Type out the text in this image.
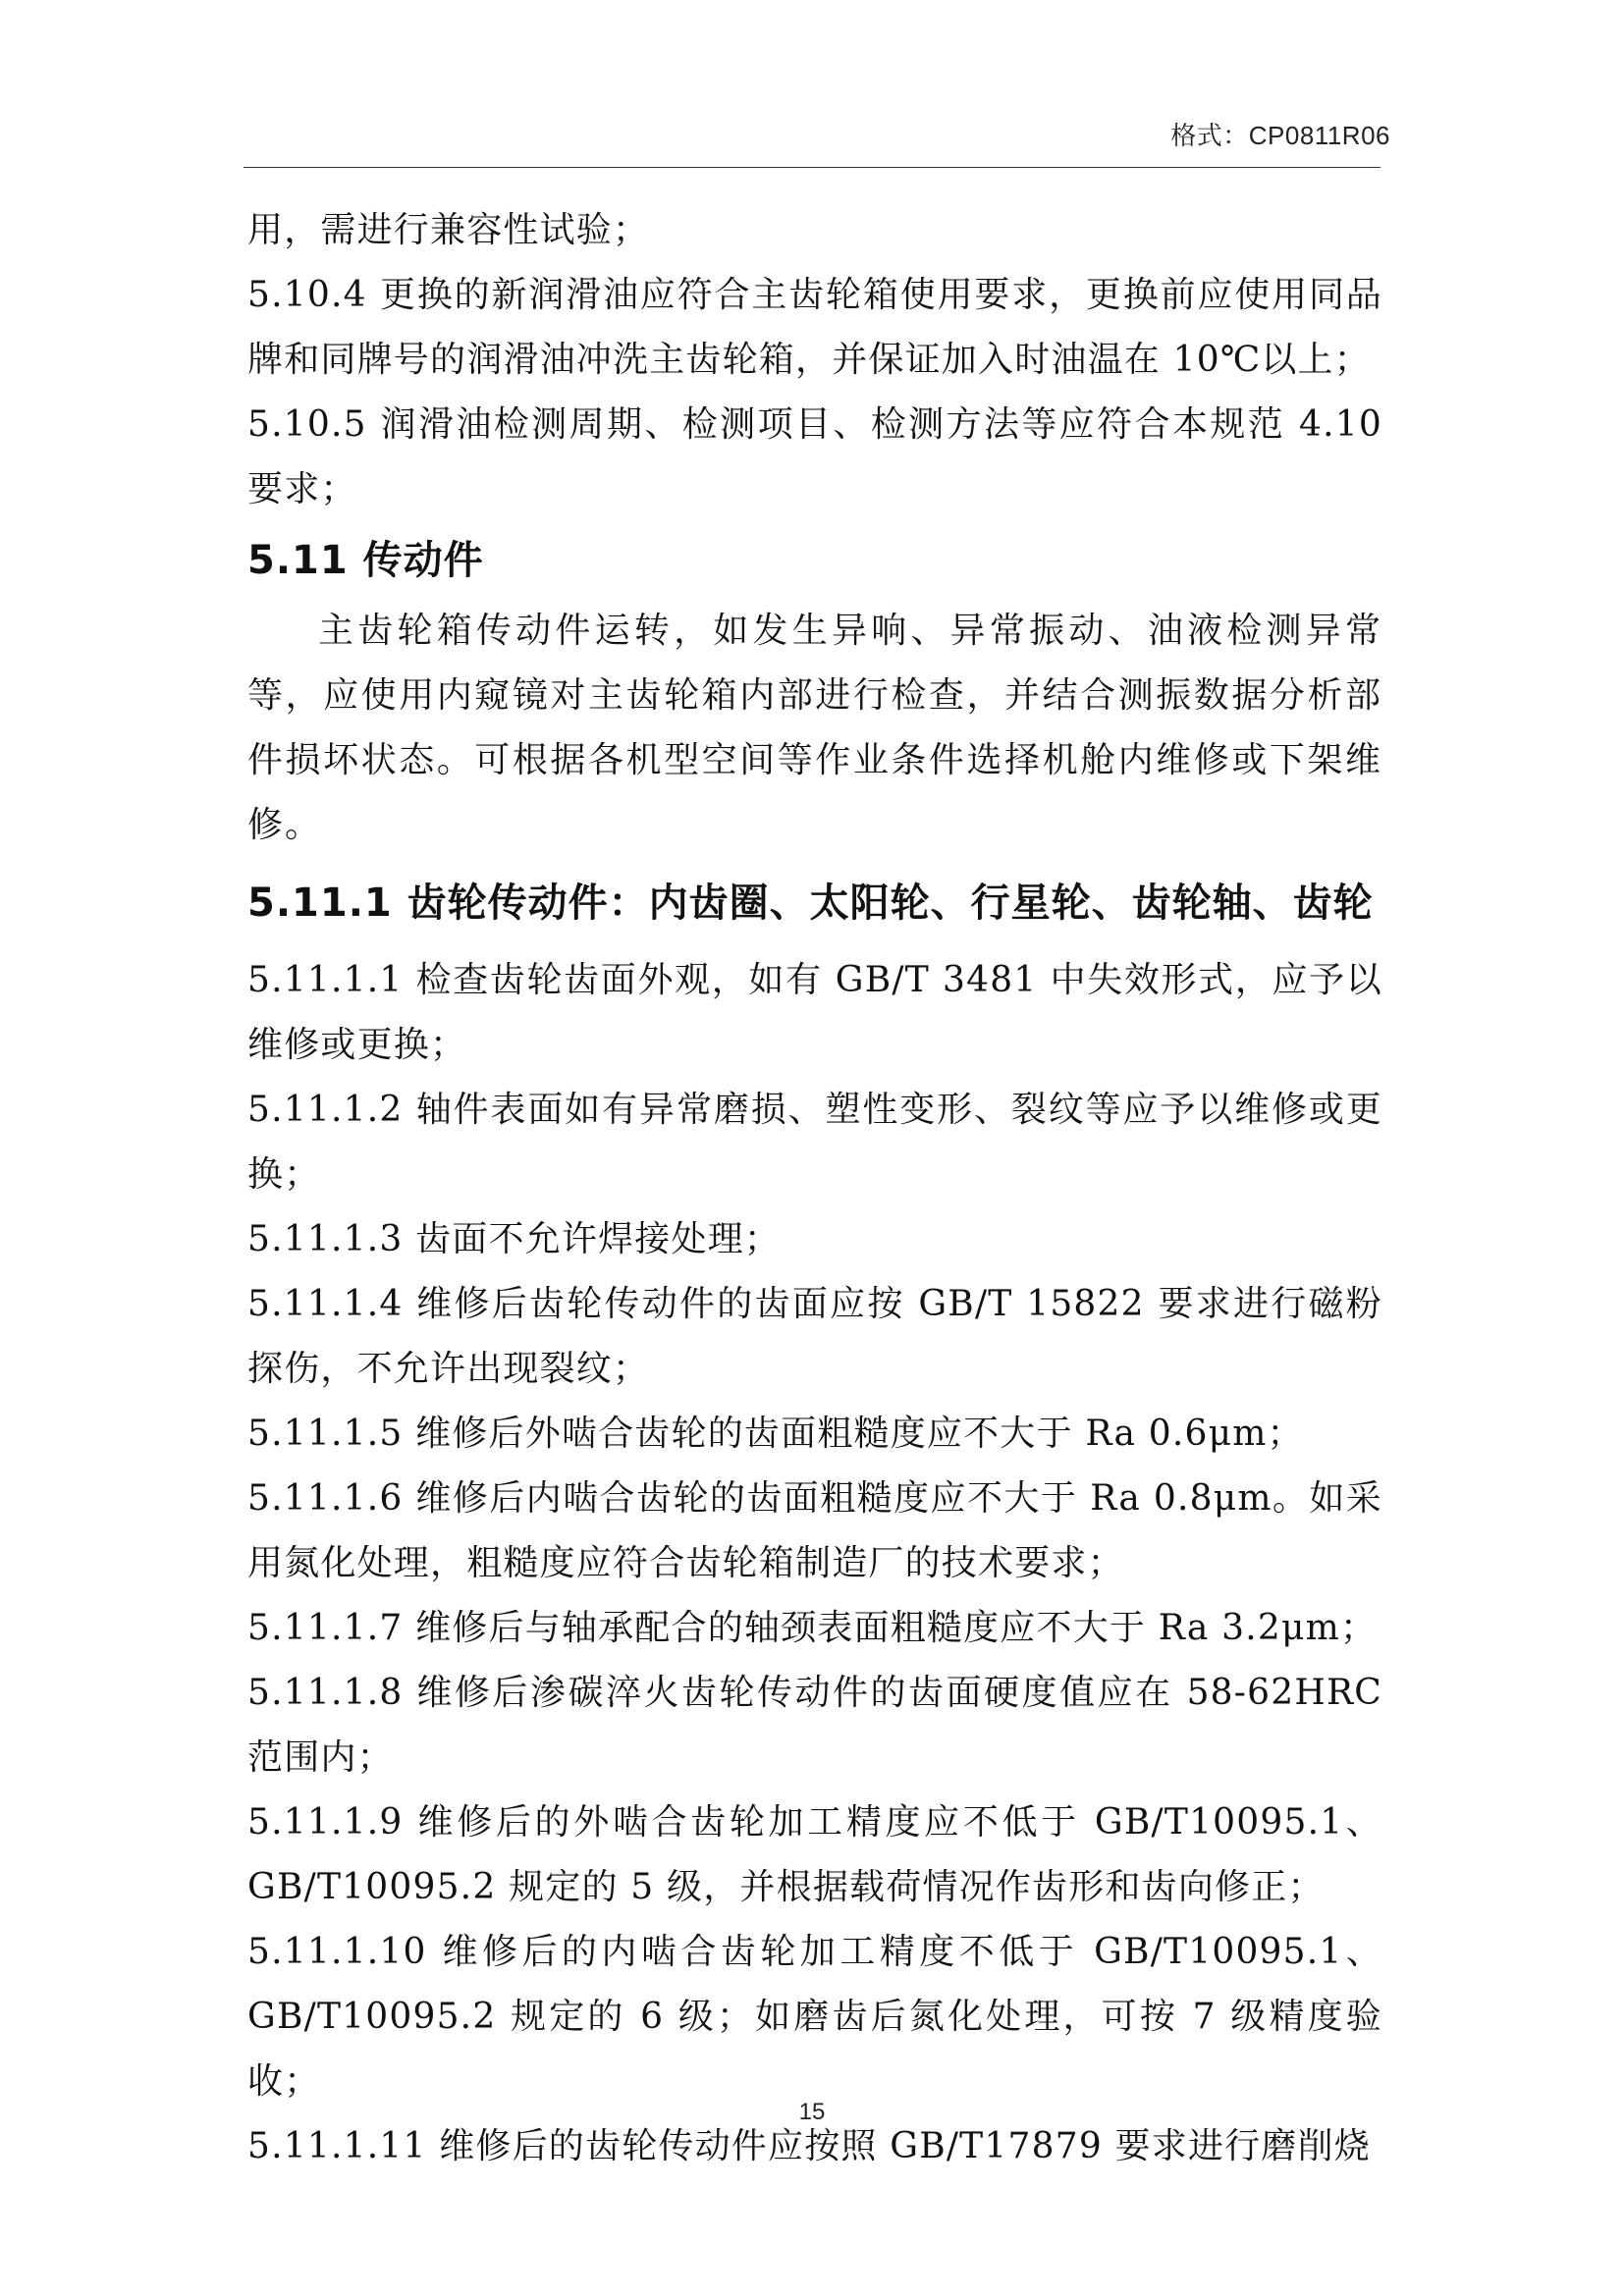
格式：CP0811R06

用，需进行兼容性试验；

5.10.4 更换的新润滑油应符合主齿轮箱使用要求，更换前应使用同品牌和同牌号的润滑油冲洗主齿轮箱，并保证加入时油温在 10℃以上；

5.10.5 润滑油检测周期、检测项目、检测方法等应符合本规范 4.10 要求；

5.11 传动件

主齿轮箱传动件运转，如发生异响、异常振动、油液检测异常等，应使用内窥镜对主齿轮箱内部进行检查，并结合测振数据分析部件损坏状态。可根据各机型空间等作业条件选择机舱内维修或下架维修。

5.11.1 齿轮传动件：内齿圈、太阳轮、行星轮、齿轮轴、齿轮

5.11.1.1 检查齿轮齿面外观，如有 GB/T 3481 中失效形式，应予以维修或更换；

5.11.1.2 轴件表面如有异常磨损、塑性变形、裂纹等应予以维修或更换；

5.11.1.3 齿面不允许焊接处理；

5.11.1.4 维修后齿轮传动件的齿面应按 GB/T 15822 要求进行磁粉探伤，不允许出现裂纹；

5.11.1.5 维修后外啮合齿轮的齿面粗糙度应不大于 Ra 0.6μm；

5.11.1.6 维修后内啮合齿轮的齿面粗糙度应不大于 Ra 0.8μm。如采用氮化处理，粗糙度应符合齿轮箱制造厂的技术要求；

5.11.1.7 维修后与轴承配合的轴颈表面粗糙度应不大于 Ra 3.2μm；

5.11.1.8 维修后渗碳淬火齿轮传动件的齿面硬度值应在 58-62HRC 范围内；

5.11.1.9 维修后的外啮合齿轮加工精度应不低于 GB/T10095.1、GB/T10095.2 规定的 5 级，并根据载荷情况作齿形和齿向修正；

5.11.1.10 维修后的内啮合齿轮加工精度不低于 GB/T10095.1、GB/T10095.2 规定的 6 级；如磨齿后氮化处理，可按 7 级精度验收；

5.11.1.11 维修后的齿轮传动件应按照 GB/T17879 要求进行磨削烧

15
